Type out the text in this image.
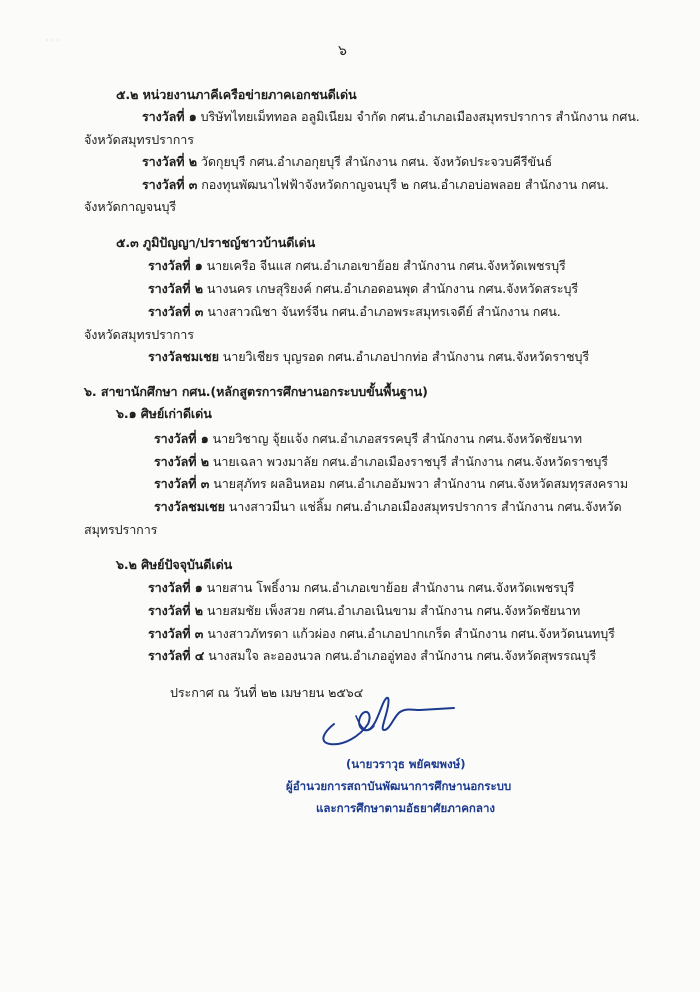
· · ·
๖
๕.๒ หน่วยงานภาคีเครือข่ายภาคเอกชนดีเด่น
รางวัลที่ ๑ บริษัทไทยเม็ททอล อลูมิเนียม จำกัด กศน.อำเภอเมืองสมุทรปราการ สำนักงาน กศน.
จังหวัดสมุทรปราการ
รางวัลที่ ๒ วัดกุยบุรี กศน.อำเภอกุยบุรี สำนักงาน กศน. จังหวัดประจวบคีรีขันธ์
รางวัลที่ ๓ กองทุนพัฒนาไฟฟ้าจังหวัดกาญจนบุรี ๒ กศน.อำเภอบ่อพลอย สำนักงาน กศน.
จังหวัดกาญจนบุรี
๕.๓ ภูมิปัญญา/ปราชญ์ชาวบ้านดีเด่น
รางวัลที่ ๑ นายเครือ จีนแส กศน.อำเภอเขาย้อย สำนักงาน กศน.จังหวัดเพชรบุรี
รางวัลที่ ๒ นางนคร เกษสุริยงค์ กศน.อำเภอดอนพุด สำนักงาน กศน.จังหวัดสระบุรี
รางวัลที่ ๓ นางสาวณิชา จันทร์จีน กศน.อำเภอพระสมุทรเจดีย์ สำนักงาน กศน.
จังหวัดสมุทรปราการ
รางวัลชมเชย นายวิเชียร บุญรอด กศน.อำเภอปากท่อ สำนักงาน กศน.จังหวัดราชบุรี
๖. สาขานักศึกษา กศน.(หลักสูตรการศึกษานอกระบบขั้นพื้นฐาน)
๖.๑ ศิษย์เก่าดีเด่น
รางวัลที่ ๑ นายวิชาญ จุ้ยแจ้ง กศน.อำเภอสรรคบุรี สำนักงาน กศน.จังหวัดชัยนาท
รางวัลที่ ๒ นายเฉลา พวงมาลัย กศน.อำเภอเมืองราชบุรี สำนักงาน กศน.จังหวัดราชบุรี
รางวัลที่ ๓ นายสุภัทร ผลอินหอม กศน.อำเภออัมพวา สำนักงาน กศน.จังหวัดสมทุรสงคราม
รางวัลชมเชย นางสาวมีนา แช่ลิ้ม กศน.อำเภอเมืองสมุทรปราการ สำนักงาน กศน.จังหวัด
สมุทรปราการ
๖.๒ ศิษย์ปัจจุบันดีเด่น
รางวัลที่ ๑ นายสาน โพธิ์งาม กศน.อำเภอเขาย้อย สำนักงาน กศน.จังหวัดเพชรบุรี
รางวัลที่ ๒ นายสมชัย เพ็งสวย กศน.อำเภอเนินขาม สำนักงาน กศน.จังหวัดชัยนาท
รางวัลที่ ๓ นางสาวภัทรดา แก้วผ่อง กศน.อำเภอปากเกร็ด สำนักงาน กศน.จังหวัดนนทบุรี
รางวัลที่ ๔ นางสมใจ ละอองนวล กศน.อำเภออู่ทอง สำนักงาน กศน.จังหวัดสุพรรณบุรี
ประกาศ ณ วันที่ ๒๒ เมษายน ๒๕๖๔
(นายวราวุธ พยัคฆพงษ์)
ผู้อำนวยการสถาบันพัฒนาการศึกษานอกระบบ
และการศึกษาตามอัธยาศัยภาคกลาง
